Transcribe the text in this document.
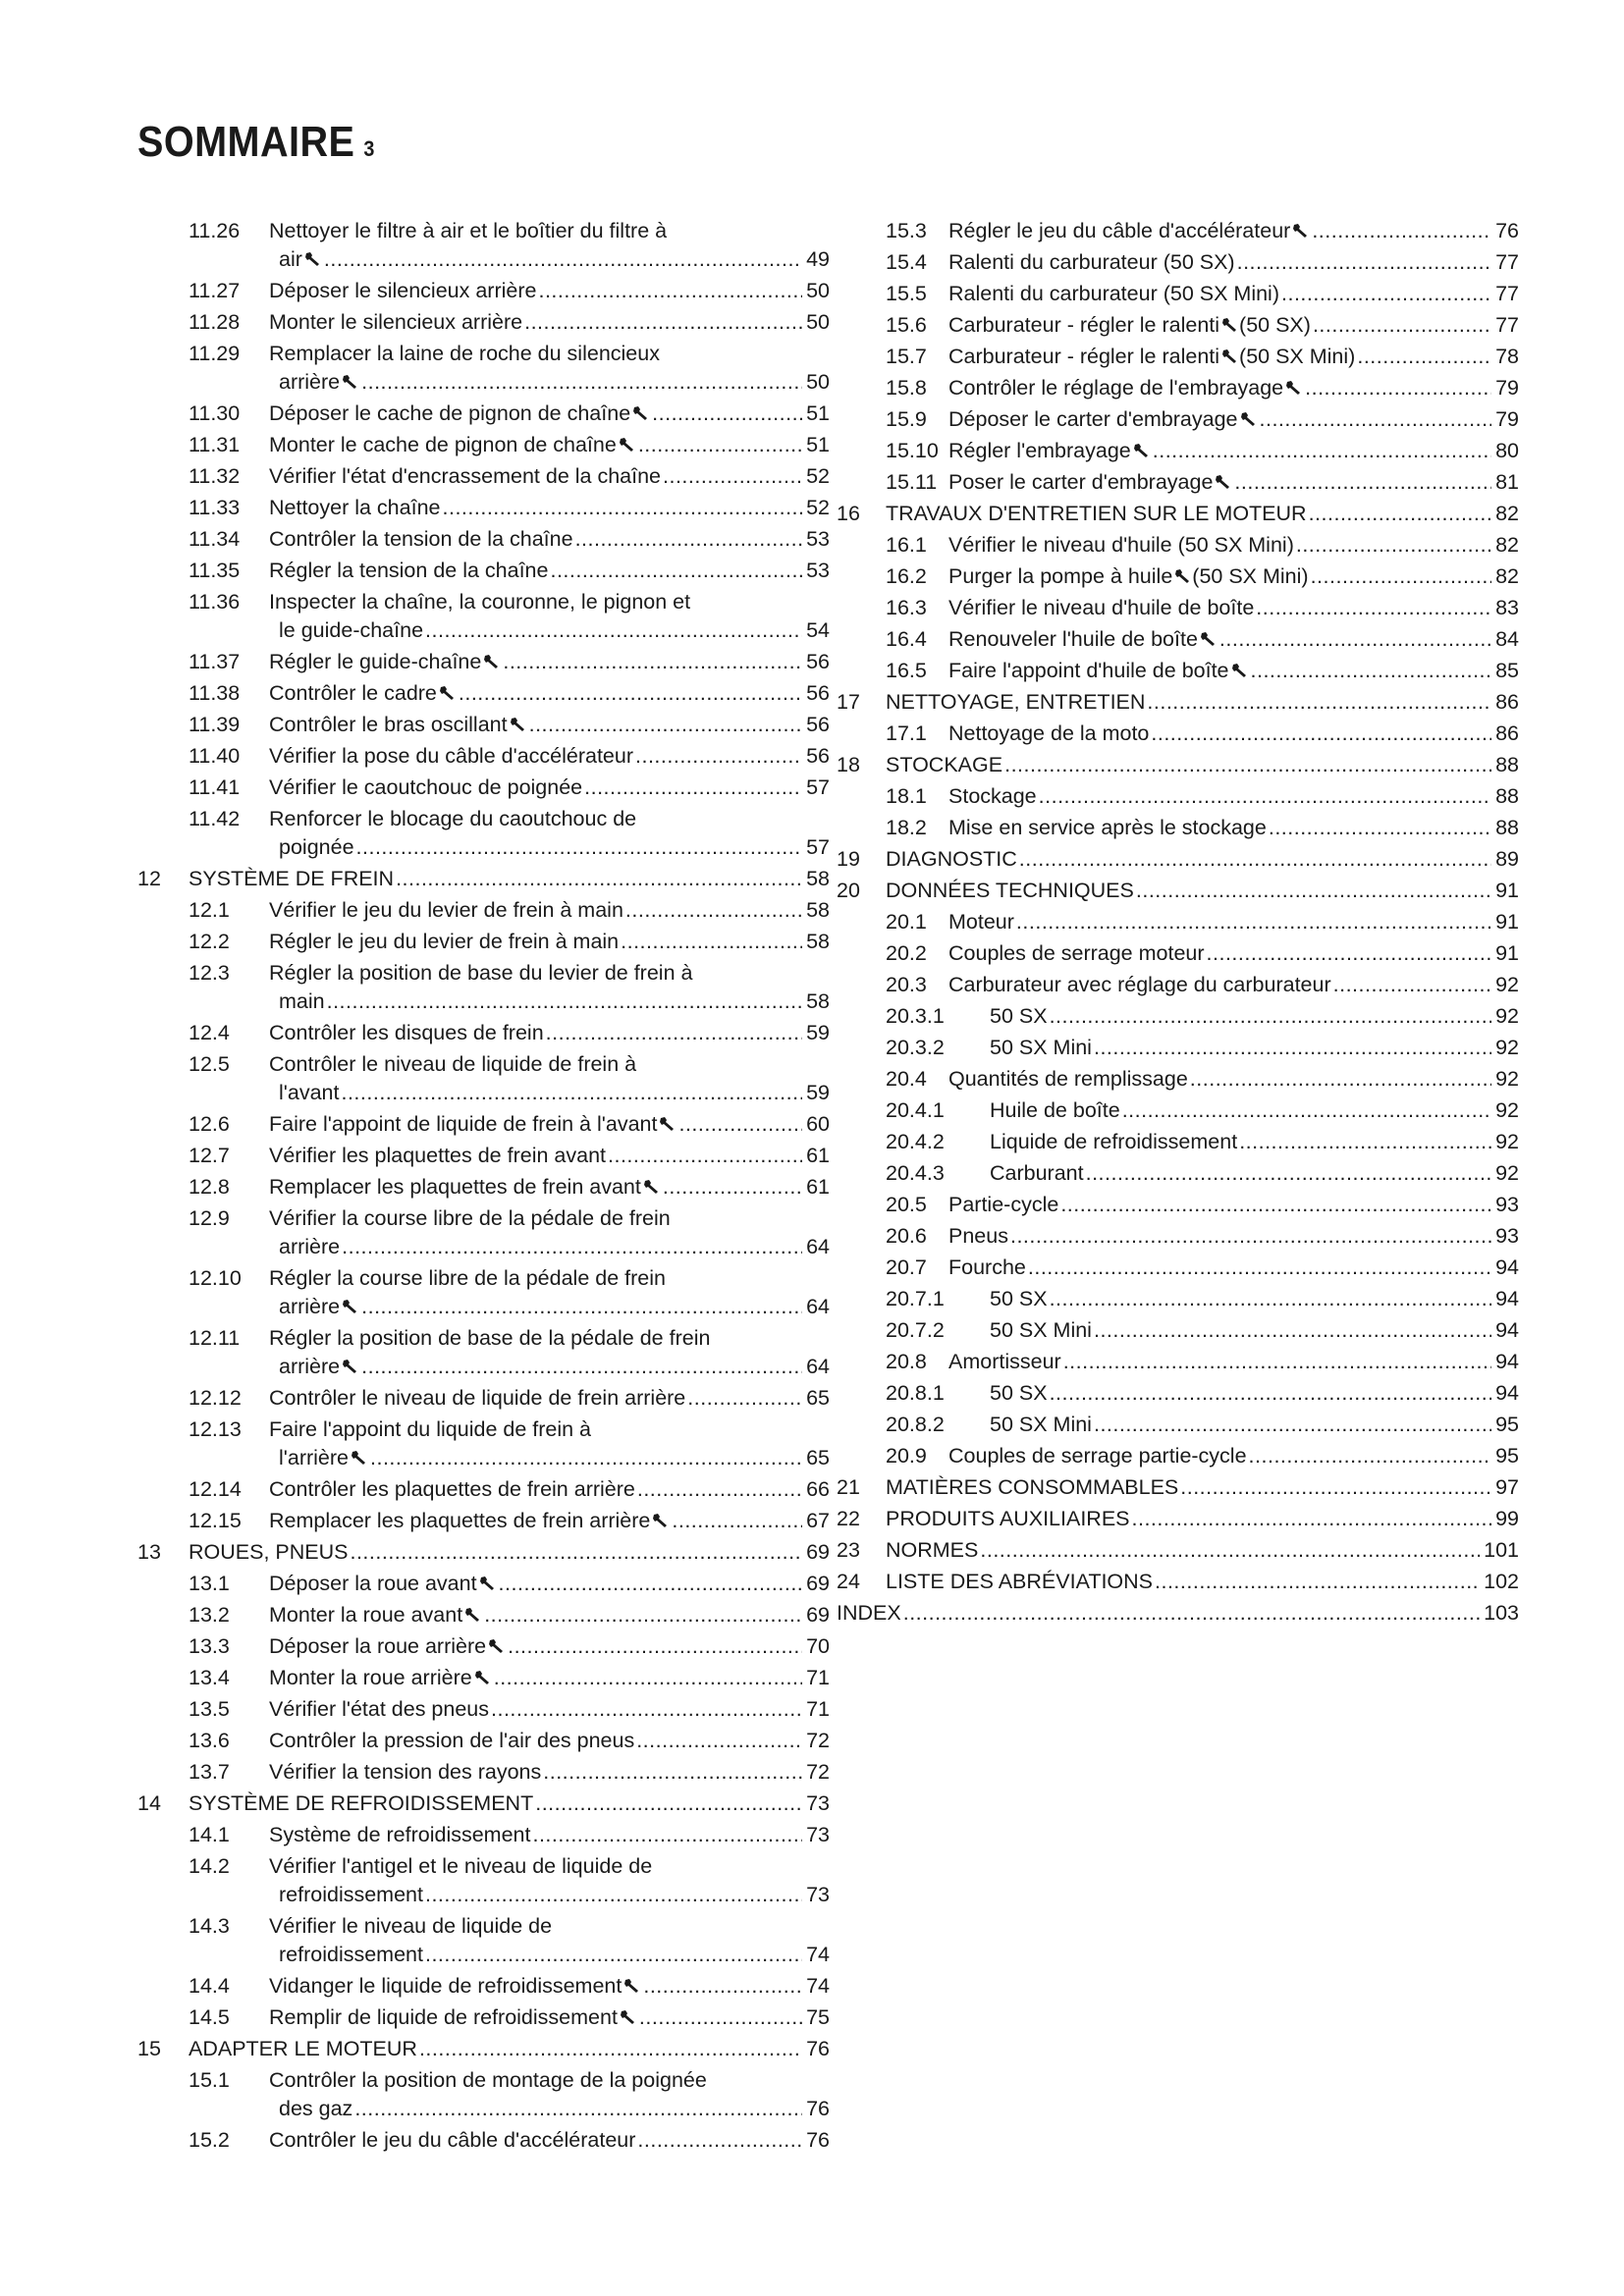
SOMMAIRE 3
11.26 Nettoyer le filtre à air et le boîtier du filtre à
air .....	49
11.27 Déposer le silencieux arrière .....	50
11.28 Monter le silencieux arrière .....	50
11.29 Remplacer la laine de roche du silencieux
arrière .....	50
11.30 Déposer le cache de pignon de chaîne .....	51
11.31 Monter le cache de pignon de chaîne .....	51
11.32 Vérifier l'état d'encrassement de la chaîne .....	52
11.33 Nettoyer la chaîne .....	52
11.34 Contrôler la tension de la chaîne .....	53
11.35 Régler la tension de la chaîne .....	53
11.36 Inspecter la chaîne, la couronne, le pignon et
le guide-chaîne .....	54
11.37 Régler le guide-chaîne .....	56
11.38 Contrôler le cadre .....	56
11.39 Contrôler le bras oscillant .....	56
11.40 Vérifier la pose du câble d'accélérateur .....	56
11.41 Vérifier le caoutchouc de poignée .....	57
11.42 Renforcer le blocage du caoutchouc de
poignée .....	57
12 SYSTÈME DE FREIN .....	58
12.1 Vérifier le jeu du levier de frein à main .....	58
12.2 Régler le jeu du levier de frein à main .....	58
12.3 Régler la position de base du levier de frein à
main .....	58
12.4 Contrôler les disques de frein .....	59
12.5 Contrôler le niveau de liquide de frein à
l'avant .....	59
12.6 Faire l'appoint de liquide de frein à l'avant .....	60
12.7 Vérifier les plaquettes de frein avant .....	61
12.8 Remplacer les plaquettes de frein avant .....	61
12.9 Vérifier la course libre de la pédale de frein
arrière .....	64
12.10 Régler la course libre de la pédale de frein
arrière .....	64
12.11 Régler la position de base de la pédale de frein
arrière .....	64
12.12 Contrôler le niveau de liquide de frein arrière .....	65
12.13 Faire l'appoint du liquide de frein à
l'arrière .....	65
12.14 Contrôler les plaquettes de frein arrière .....	66
12.15 Remplacer les plaquettes de frein arrière .....	67
13 ROUES, PNEUS .....	69
13.1 Déposer la roue avant .....	69
13.2 Monter la roue avant .....	69
13.3 Déposer la roue arrière .....	70
13.4 Monter la roue arrière .....	71
13.5 Vérifier l'état des pneus .....	71
13.6 Contrôler la pression de l'air des pneus .....	72
13.7 Vérifier la tension des rayons .....	72
14 SYSTÈME DE REFROIDISSEMENT .....	73
14.1 Système de refroidissement .....	73
14.2 Vérifier l'antigel et le niveau de liquide de
refroidissement .....	73
14.3 Vérifier le niveau de liquide de
refroidissement .....	74
14.4 Vidanger le liquide de refroidissement .....	74
14.5 Remplir de liquide de refroidissement .....	75
15 ADAPTER LE MOTEUR .....	76
15.1 Contrôler la position de montage de la poignée
des gaz .....	76
15.2 Contrôler le jeu du câble d'accélérateur .....	76
15.3 Régler le jeu du câble d'accélérateur .....	76
15.4 Ralenti du carburateur (50 SX) .....	77
15.5 Ralenti du carburateur (50 SX Mini) .....	77
15.6 Carburateur - régler le ralenti (50 SX) .....	77
15.7 Carburateur - régler le ralenti (50 SX Mini) .....	78
15.8 Contrôler le réglage de l'embrayage .....	79
15.9 Déposer le carter d'embrayage .....	79
15.10 Régler l'embrayage .....	80
15.11 Poser le carter d'embrayage .....	81
16 TRAVAUX D'ENTRETIEN SUR LE MOTEUR .....	82
16.1 Vérifier le niveau d'huile (50 SX Mini) .....	82
16.2 Purger la pompe à huile (50 SX Mini) .....	82
16.3 Vérifier le niveau d'huile de boîte .....	83
16.4 Renouveler l'huile de boîte .....	84
16.5 Faire l'appoint d'huile de boîte .....	85
17 NETTOYAGE, ENTRETIEN .....	86
17.1 Nettoyage de la moto .....	86
18 STOCKAGE .....	88
18.1 Stockage .....	88
18.2 Mise en service après le stockage .....	88
19 DIAGNOSTIC .....	89
20 DONNÉES TECHNIQUES .....	91
20.1 Moteur .....	91
20.2 Couples de serrage moteur .....	91
20.3 Carburateur avec réglage du carburateur .....	92
20.3.1 50 SX .....	92
20.3.2 50 SX Mini .....	92
20.4 Quantités de remplissage .....	92
20.4.1 Huile de boîte .....	92
20.4.2 Liquide de refroidissement .....	92
20.4.3 Carburant .....	92
20.5 Partie-cycle .....	93
20.6 Pneus .....	93
20.7 Fourche .....	94
20.7.1 50 SX .....	94
20.7.2 50 SX Mini .....	94
20.8 Amortisseur .....	94
20.8.1 50 SX .....	94
20.8.2 50 SX Mini .....	95
20.9 Couples de serrage partie-cycle .....	95
21 MATIÈRES CONSOMMABLES .....	97
22 PRODUITS AUXILIAIRES .....	99
23 NORMES .....	101
24 LISTE DES ABRÉVIATIONS .....	102
INDEX .....	103
